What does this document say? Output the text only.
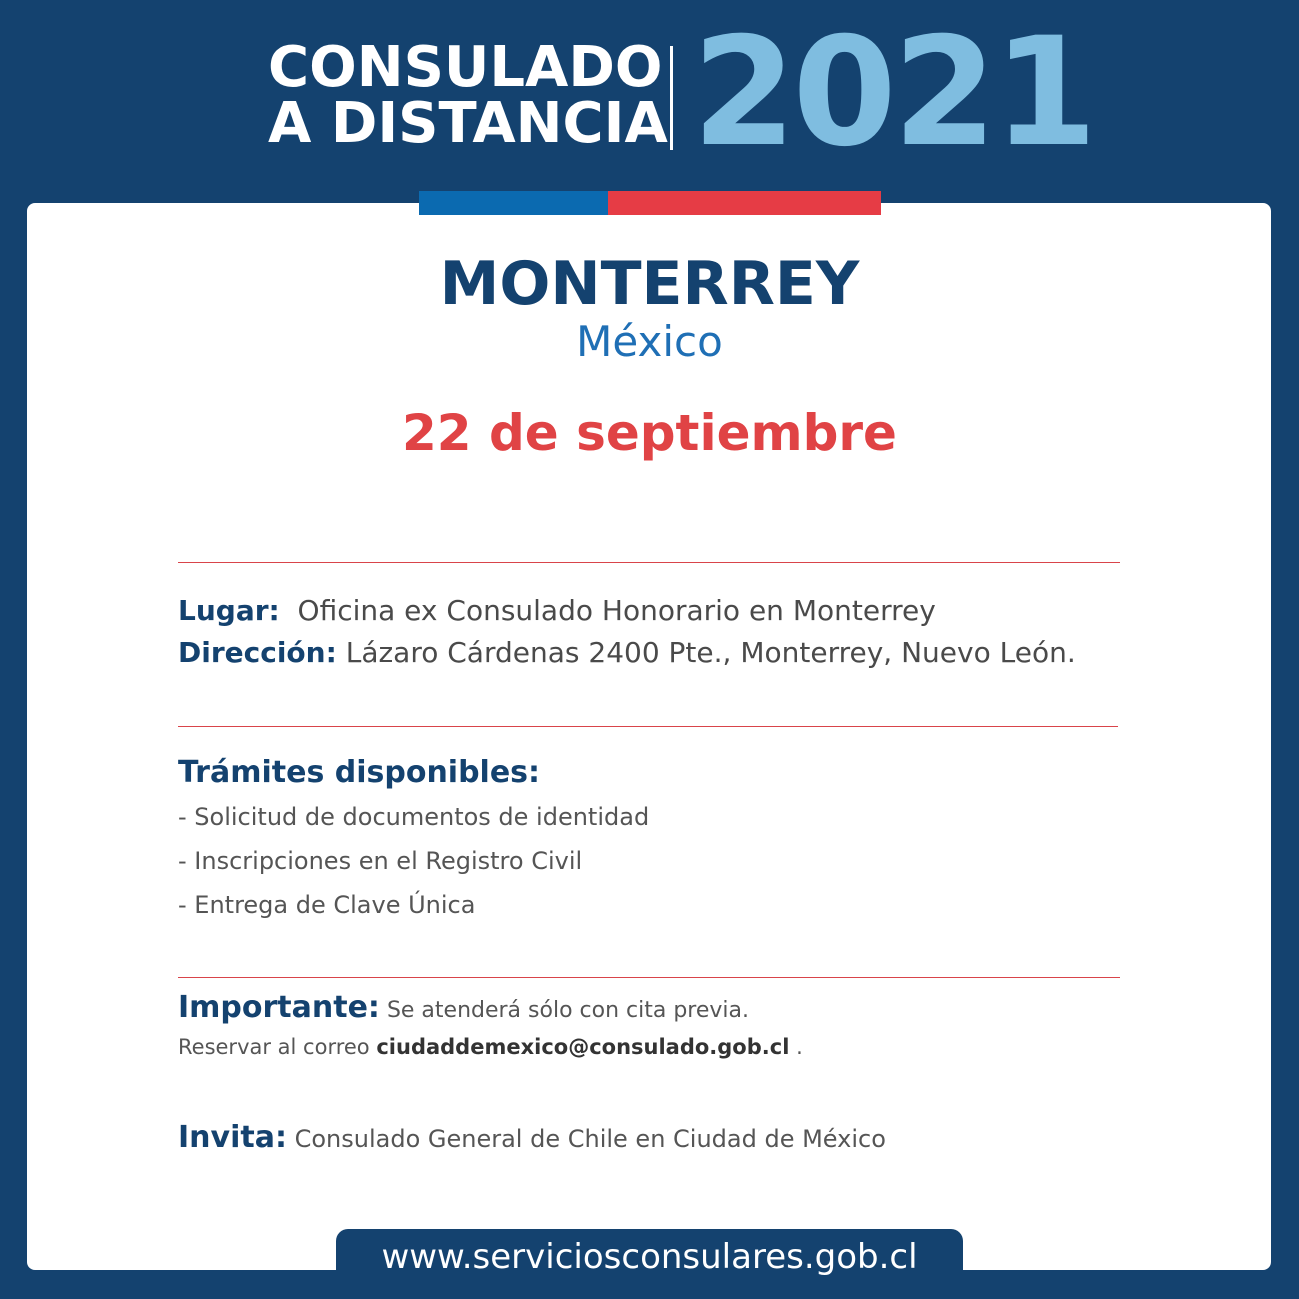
CONSULADO
A DISTANCIA 2021
MONTERREY
México
22 de septiembre
Lugar: Oficina ex Consulado Honorario en Monterrey
Dirección: Lázaro Cárdenas 2400 Pte., Monterrey, Nuevo León.
Trámites disponibles:
- Solicitud de documentos de identidad
- Inscripciones en el Registro Civil
- Entrega de Clave Única
Importante: Se atenderá sólo con cita previa.
Reservar al correo ciudaddemexico@consulado.gob.cl .
Invita: Consulado General de Chile en Ciudad de México
www.serviciosconsulares.gob.cl
